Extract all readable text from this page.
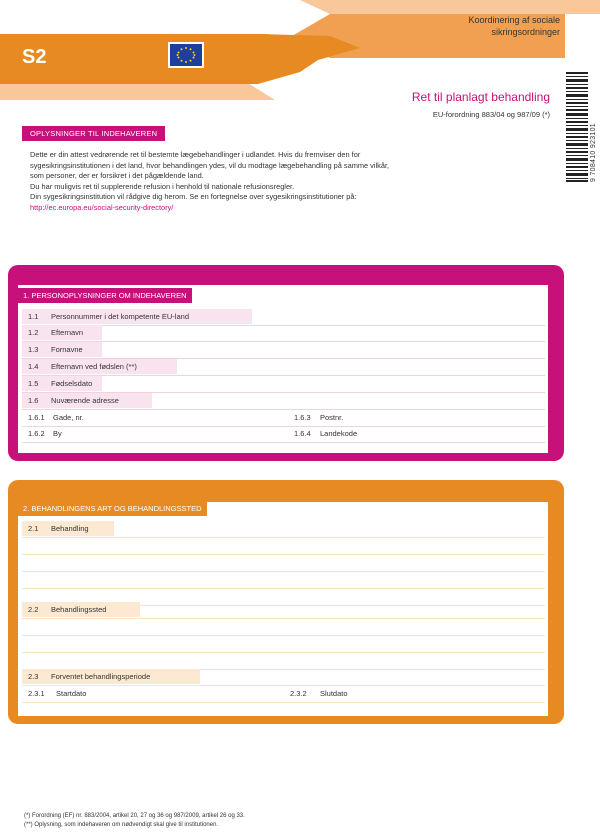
Koordinering af sociale
sikringsordninger
S2
Ret til planlagt behandling
EU-forordning 883/04 og 987/09 (*)
9 708410 923101
OPLYSNINGER TIL INDEHAVEREN

Dette er din attest vedrørende ret til bestemte lægebehandlinger i udlandet. Hvis du fremviser den for

sygesikringsinstitutionen i det land, hvor behandlingen ydes, vil du modtage lægebehandling på samme vilkår,

som personer, der er forsikret i det pågældende land.

Du har muligvis ret til supplerende refusion i henhold til nationale refusionsregler.

Din sygesikringsinstitution vil rådgive dig herom. Se en fortegnelse over sygesikringsinstitutioner på:

http://ec.europa.eu/social-security-directory/

1. PERSONOPLYSNINGER OM INDEHAVEREN
1.1 Personnummer i det kompetente EU-land
1.2 Efternavn
1.3 Fornavne
1.4 Efternavn ved fødslen (**)
1.5 Fødselsdato
1.6 Nuværende adresse
1.6.1 Gade, nr.	1.6.3 Postnr.
1.6.2 By	1.6.4 Landekode
2. BEHANDLINGENS ART OG BEHANDLINGSSTED
2.1 Behandling
2.2 Behandlingssted
2.3 Forventet behandlingsperiode
2.3.1 Startdato	2.3.2 Slutdato
(*) Forordning (EF) nr. 883/2004, artikel 20, 27 og 36 og 987/2009, artikel 26 og 33.
(**) Oplysning, som indehaveren om nødvendigt skal give til institutionen.
